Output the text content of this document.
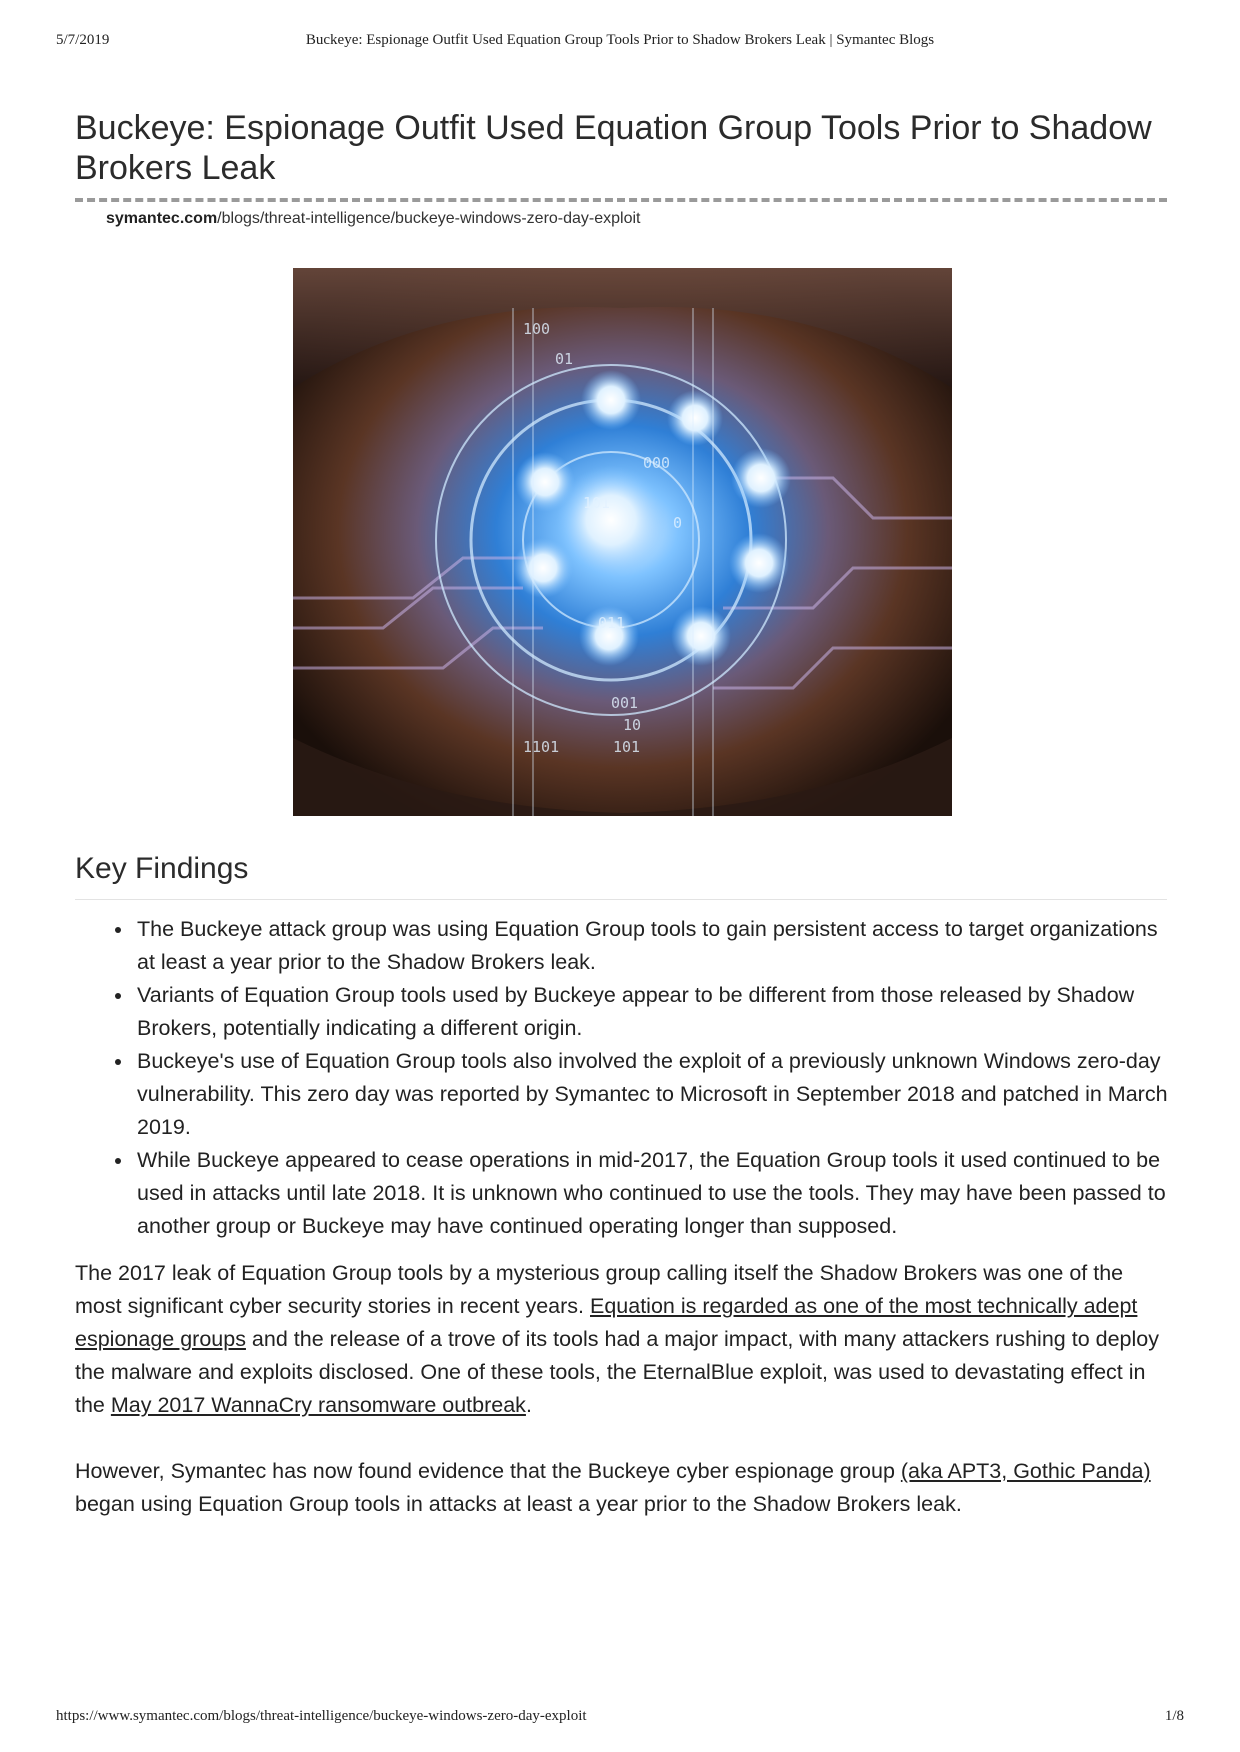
Buckeye: Espionage Outfit Used Equation Group Tools Prior to Shadow Brokers Leak | Symantec Blogs
5/7/2019
Buckeye: Espionage Outfit Used Equation Group Tools Prior to Shadow Brokers Leak
symantec.com/blogs/threat-intelligence/buckeye-windows-zero-day-exploit
100
01
000
101
0
011
001
10
101
1101
Key Findings
The Buckeye attack group was using Equation Group tools to gain persistent access to target organizations at least a year prior to the Shadow Brokers leak.
Variants of Equation Group tools used by Buckeye appear to be different from those released by Shadow Brokers, potentially indicating a different origin.
Buckeye's use of Equation Group tools also involved the exploit of a previously unknown Windows zero-day vulnerability. This zero day was reported by Symantec to Microsoft in September 2018 and patched in March 2019.
While Buckeye appeared to cease operations in mid-2017, the Equation Group tools it used continued to be used in attacks until late 2018. It is unknown who continued to use the tools. They may have been passed to another group or Buckeye may have continued operating longer than supposed.

The 2017 leak of Equation Group tools by a mysterious group calling itself the Shadow Brokers was one of the most significant cyber security stories in recent years. Equation is regarded as one of the most technically adept espionage groups and the release of a trove of its tools had a major impact, with many attackers rushing to deploy the malware and exploits disclosed. One of these tools, the EternalBlue exploit, was used to devastating effect in the May 2017 WannaCry ransomware outbreak.

However, Symantec has now found evidence that the Buckeye cyber espionage group (aka APT3, Gothic Panda) began using Equation Group tools in attacks at least a year prior to the Shadow Brokers leak.

https://www.symantec.com/blogs/threat-intelligence/buckeye-windows-zero-day-exploit	1/8
